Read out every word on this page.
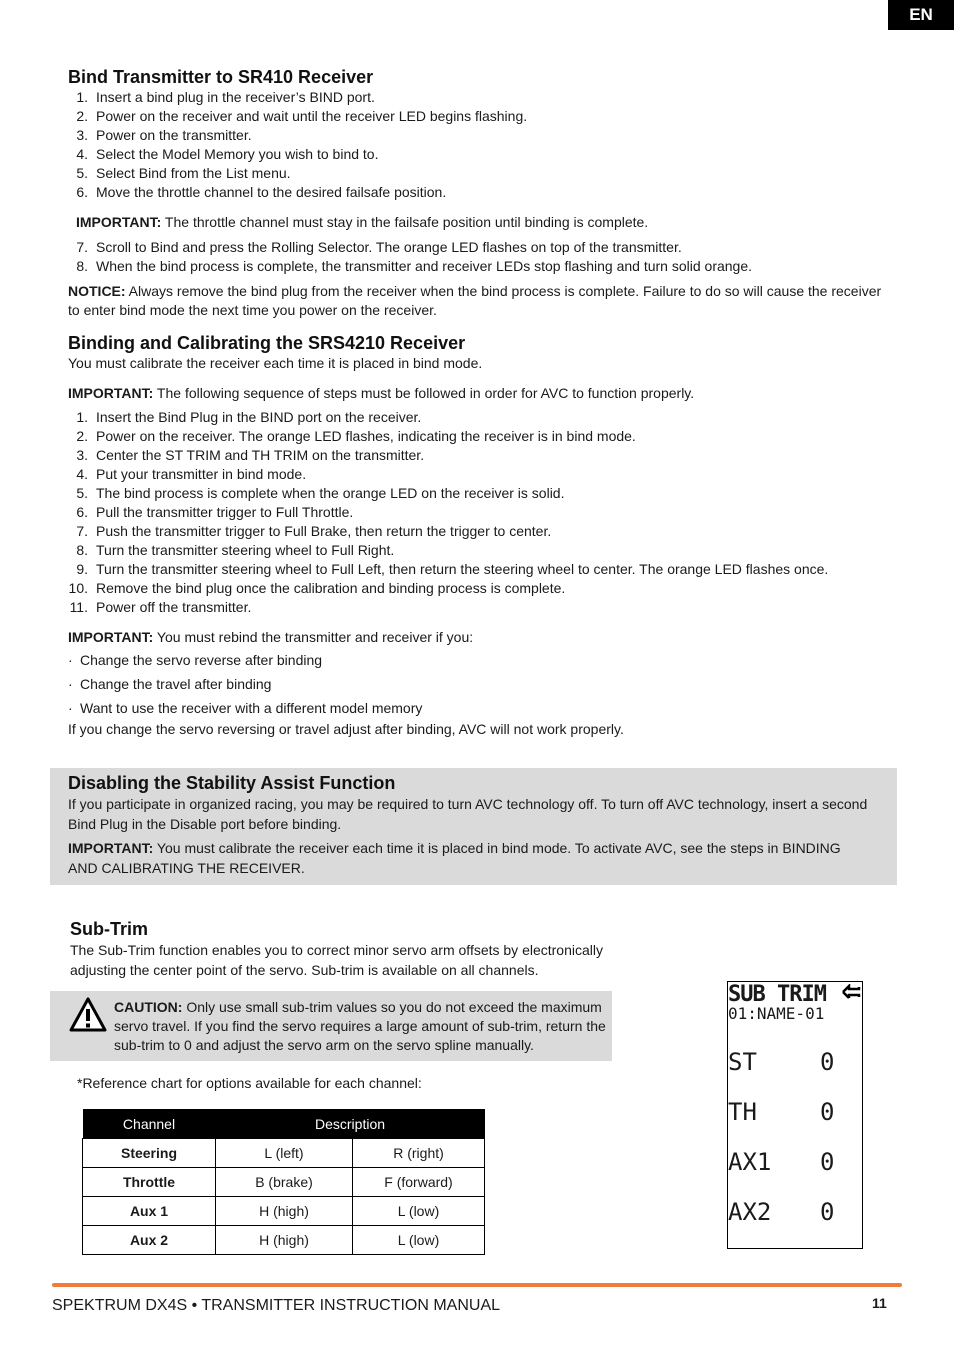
EN
Bind Transmitter to SR410 Receiver
1. Insert a bind plug in the receiver’s BIND port.
2. Power on the receiver and wait until the receiver LED begins flashing.
3. Power on the transmitter.
4. Select the Model Memory you wish to bind to.
5. Select Bind from the List menu.
6. Move the throttle channel to the desired failsafe position.

IMPORTANT: The throttle channel must stay in the failsafe position until binding is complete.

7. Scroll to Bind and press the Rolling Selector. The orange LED flashes on top of the transmitter.
8. When the bind process is complete, the transmitter and receiver LEDs stop flashing and turn solid orange.

NOTICE: Always remove the bind plug from the receiver when the bind process is complete. Failure to do so will cause the receiver to enter bind mode the next time you power on the receiver.

Binding and Calibrating the SRS4210 Receiver

You must calibrate the receiver each time it is placed in bind mode.

IMPORTANT: The following sequence of steps must be followed in order for AVC to function properly.

1. Insert the Bind Plug in the BIND port on the receiver.
2. Power on the receiver. The orange LED flashes, indicating the receiver is in bind mode.
3. Center the ST TRIM and TH TRIM on the transmitter.
4. Put your transmitter in bind mode.
5. The bind process is complete when the orange LED on the receiver is solid.
6. Pull the transmitter trigger to Full Throttle.
7. Push the transmitter trigger to Full Brake, then return the trigger to center.
8. Turn the transmitter steering wheel to Full Right.
9. Turn the transmitter steering wheel to Full Left, then return the steering wheel to center. The orange LED flashes once.
10. Remove the bind plug once the calibration and binding process is complete.
11. Power off the transmitter.

IMPORTANT: You must rebind the transmitter and receiver if you:

· Change the servo reverse after binding
· Change the travel after binding
· Want to use the receiver with a different model memory

If you change the servo reversing or travel adjust after binding, AVC will not work properly.

Disabling the Stability Assist Function

If you participate in organized racing, you may be required to turn AVC technology off. To turn off AVC technology, insert a second Bind Plug in the Disable port before binding.

IMPORTANT: You must calibrate the receiver each time it is placed in bind mode. To activate AVC, see the steps in BINDING AND CALIBRATING THE RECEIVER.

Sub-Trim

The Sub-Trim function enables you to correct minor servo arm offsets by electronically adjusting the center point of the servo. Sub-trim is available on all channels.

CAUTION: Only use small sub-trim values so you do not exceed the maximum servo travel. If you find the servo requires a large amount of sub-trim, return the sub-trim to 0 and adjust the servo arm on the servo spline manually.
*Reference chart for options available for each channel:
Channel	Description	
Steering	L (left)	R (right)
Throttle	B (brake)	F (forward)
Aux 1	H (high)	L (low)
Aux 2	H (high)	L (low)
SUB TRIM
01:NAME-01
ST	0
TH	0
AX1 0
AX2 0
SPEKTRUM DX4S • TRANSMITTER INSTRUCTION MANUAL	11
